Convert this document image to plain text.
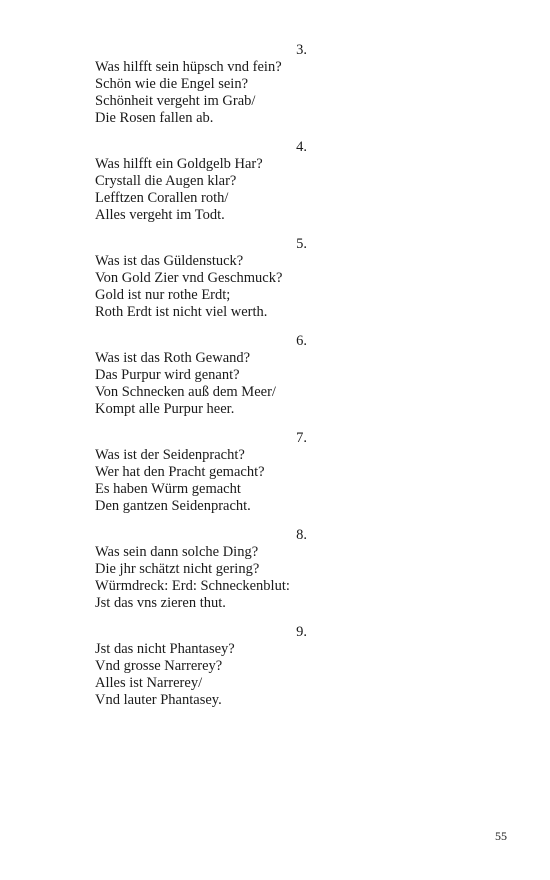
3.
Was hilfft sein hüpsch vnd fein?
Schön wie die Engel sein?
Schönheit vergeht im Grab/
Die Rosen fallen ab.
4.
Was hilfft ein Goldgelb Har?
Crystall die Augen klar?
Lefftzen Corallen roth/
Alles vergeht im Todt.
5.
Was ist das Güldenstuck?
Von Gold Zier vnd Geschmuck?
Gold ist nur rothe Erdt;
Roth Erdt ist nicht viel werth.
6.
Was ist das Roth Gewand?
Das Purpur wird genant?
Von Schnecken auß dem Meer/
Kompt alle Purpur heer.
7.
Was ist der Seidenpracht?
Wer hat den Pracht gemacht?
Es haben Würm gemacht
Den gantzen Seidenpracht.
8.
Was sein dann solche Ding?
Die jhr schätzt nicht gering?
Würmdreck: Erd: Schneckenblut:
Jst das vns zieren thut.
9.
Jst das nicht Phantasey?
Vnd grosse Narrerey?
Alles ist Narrerey/
Vnd lauter Phantasey.
55
